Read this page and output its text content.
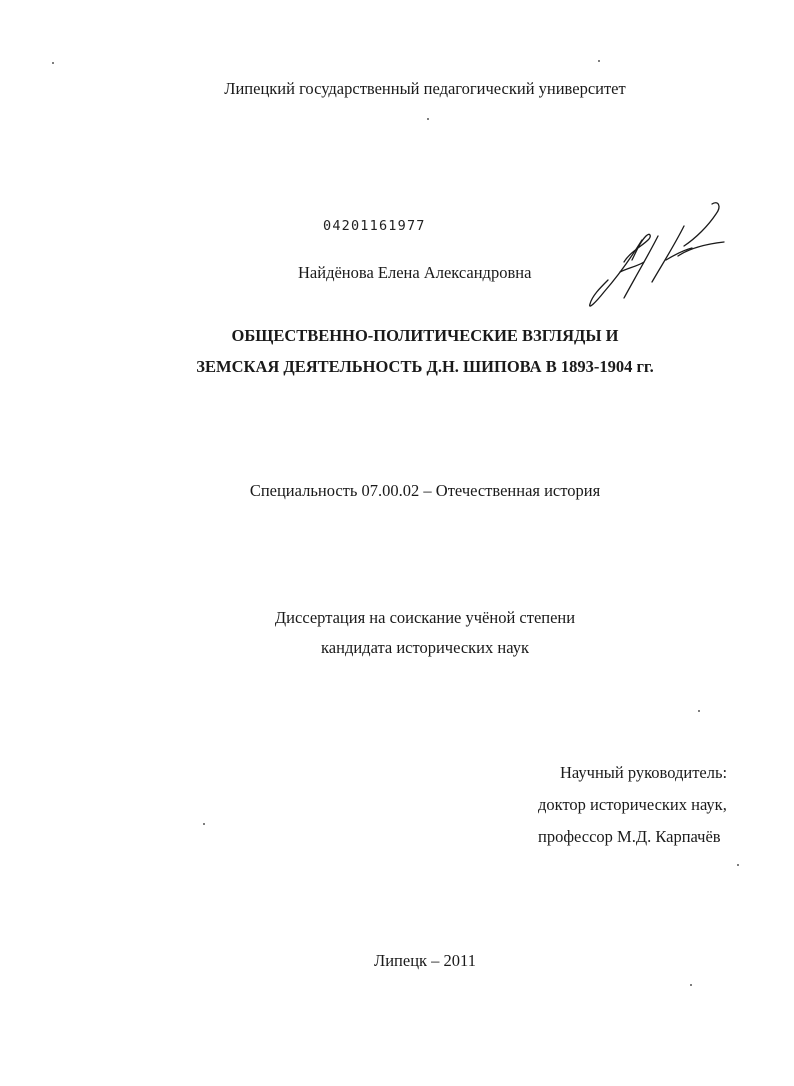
Липецкий государственный педагогический университет
04201161977
Найдёнова Елена Александровна
ОБЩЕСТВЕННО-ПОЛИТИЧЕСКИЕ ВЗГЛЯДЫ И
ЗЕМСКАЯ ДЕЯТЕЛЬНОСТЬ Д.Н. ШИПОВА В 1893-1904 гг.
Специальность 07.00.02 – Отечественная история
Диссертация на соискание учёной степени
кандидата исторических наук
Научный руководитель:
доктор исторических наук,
профессор М.Д. Карпачёв
Липецк – 2011
